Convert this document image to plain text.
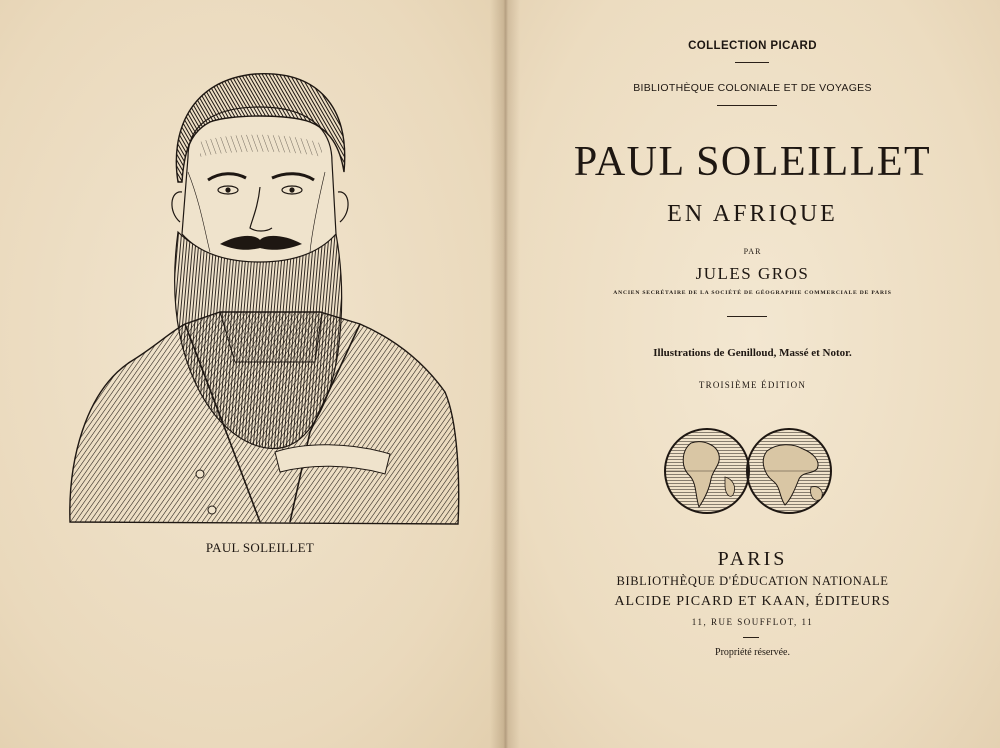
PAUL SOLEILLET
COLLECTION PICARD
BIBLIOTHÈQUE COLONIALE ET DE VOYAGES
PAUL SOLEILLET
EN AFRIQUE
PAR
JULES GROS
ANCIEN SECRÉTAIRE DE LA SOCIÉTÉ DE GÉOGRAPHIE COMMERCIALE DE PARIS
Illustrations de Genilloud, Massé et Notor.
TROISIÈME ÉDITION
PARIS
BIBLIOTHÈQUE D'ÉDUCATION NATIONALE
ALCIDE PICARD ET KAAN, ÉDITEURS
11, RUE SOUFFLOT, 11
Propriété réservée.
